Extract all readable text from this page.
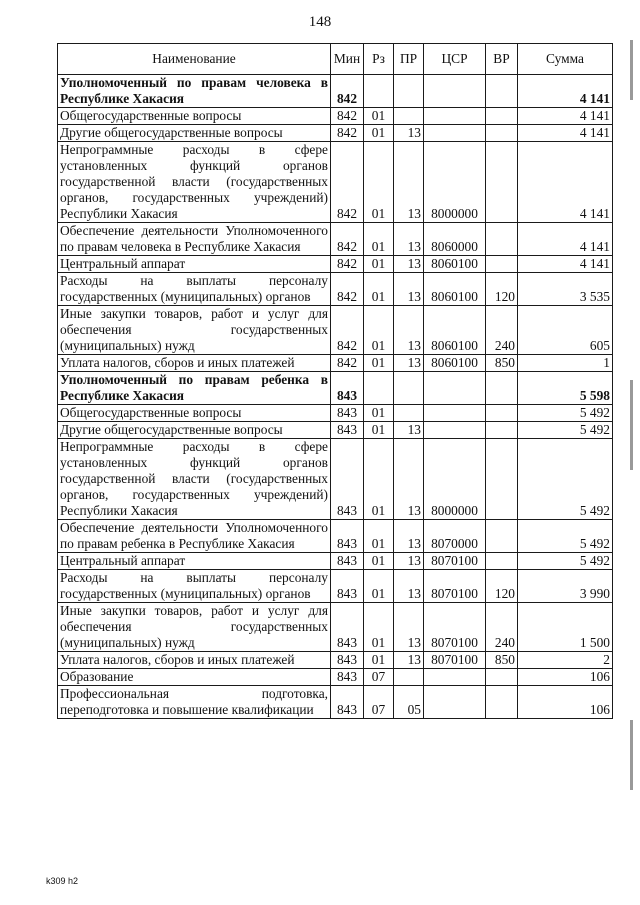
148
Наименование	Мин	Рз	ПР	ЦСР	ВР	Сумма
Уполномоченный по правам человека в Республике Хакасия	842					4 141
Общегосударственные вопросы	842	01				4 141
Другие общегосударственные вопросы	842	01	13			4 141
Непрограммные расходы в сфере установленных функций органов государственной власти (государственных органов, государственных учреждений) Республики Хакасия	842	01	13	8000000		4 141
Обеспечение деятельности Уполномоченного по правам человека в Республике Хакасия	842	01	13	8060000		4 141
Центральный аппарат	842	01	13	8060100		4 141
Расходы на выплаты персоналу государственных (муниципальных) органов	842	01	13	8060100	120	3 535
Иные закупки товаров, работ и услуг для обеспечения государственных (муниципальных) нужд	842	01	13	8060100	240	605
Уплата налогов, сборов и иных платежей	842	01	13	8060100	850	1
Уполномоченный по правам ребенка в Республике Хакасия	843					5 598
Общегосударственные вопросы	843	01				5 492
Другие общегосударственные вопросы	843	01	13			5 492
Непрограммные расходы в сфере установленных функций органов государственной власти (государственных органов, государственных учреждений) Республики Хакасия	843	01	13	8000000		5 492
Обеспечение деятельности Уполномоченного по правам ребенка в Республике Хакасия	843	01	13	8070000		5 492
Центральный аппарат	843	01	13	8070100		5 492
Расходы на выплаты персоналу государственных (муниципальных) органов	843	01	13	8070100	120	3 990
Иные закупки товаров, работ и услуг для обеспечения государственных (муниципальных) нужд	843	01	13	8070100	240	1 500
Уплата налогов, сборов и иных платежей	843	01	13	8070100	850	2
Образование	843	07				106
Профессиональная подготовка, переподготовка и повышение квалификации	843	07	05			106
k309 h2
